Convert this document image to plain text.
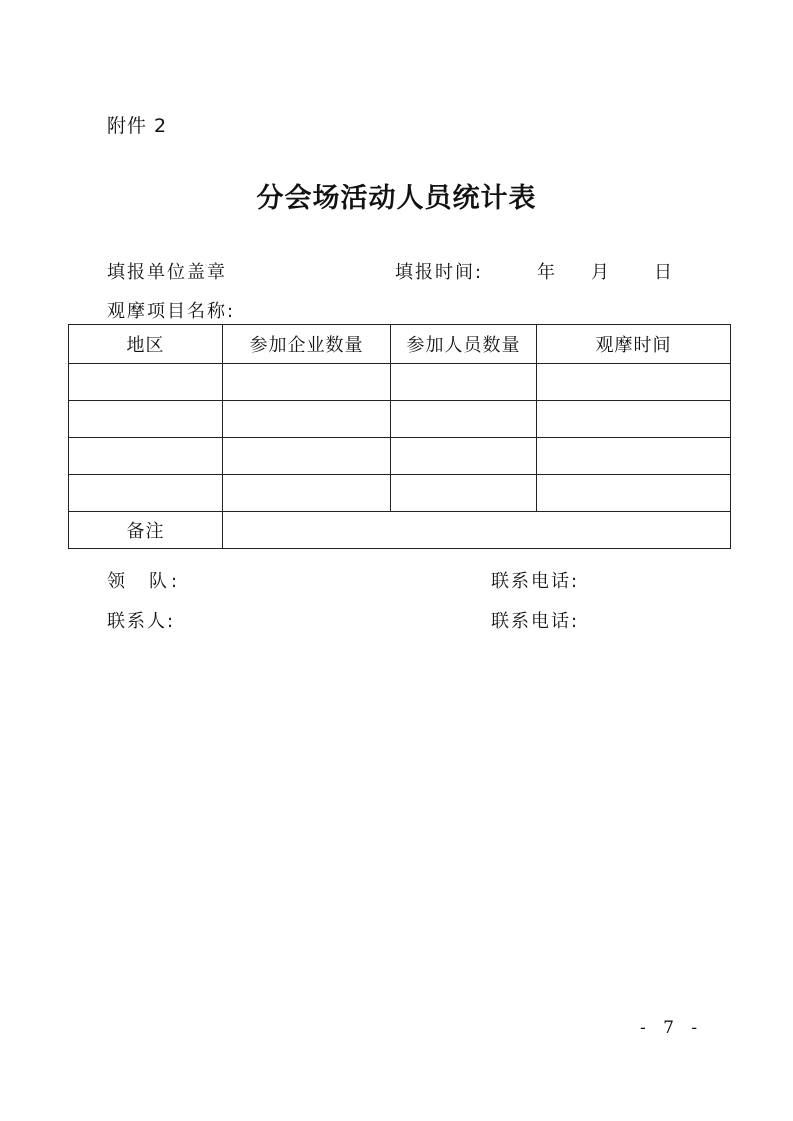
附件 2
分会场活动人员统计表
填报单位盖章	填报时间:	年 月 日
观摩项目名称:
地区	参加企业数量	参加人员数量	观摩时间

备注			
领 队:	联系电话:
联系人:	联系电话:
- 7 -
